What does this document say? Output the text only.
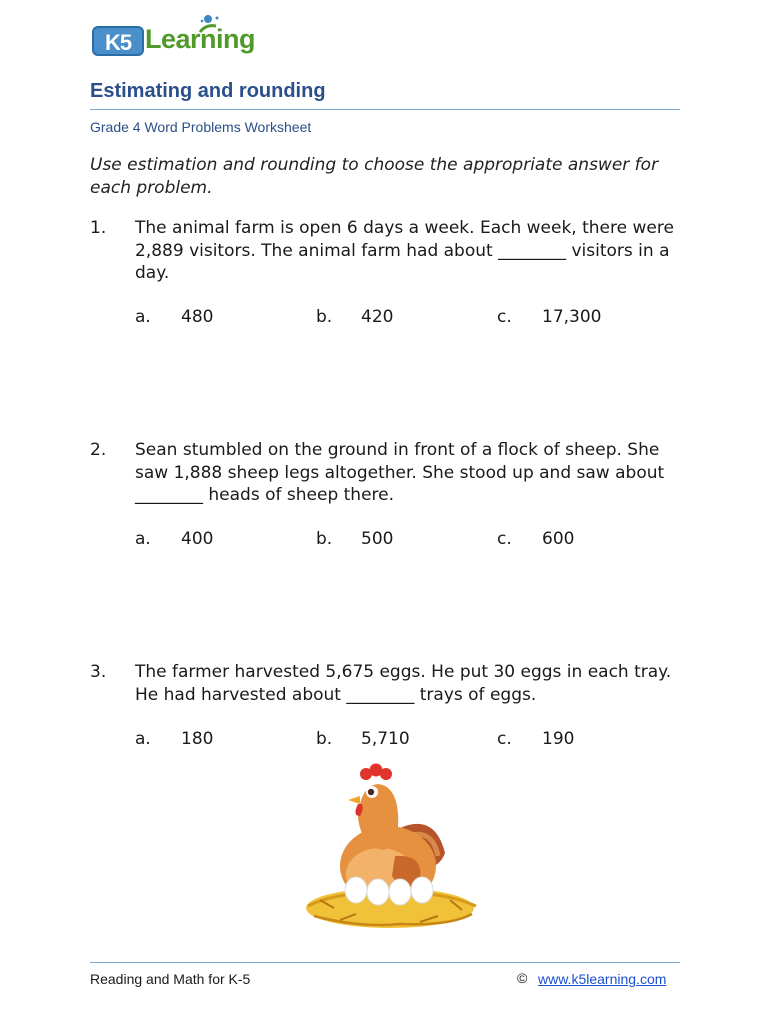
K5 Learning
Estimating and rounding
Grade 4 Word Problems Worksheet
Use estimation and rounding to choose the appropriate answer for each problem.
1. The animal farm is open 6 days a week. Each week, there were 2,889 visitors. The animal farm had about ________ visitors in a day.
a. 480	b. 420	c. 17,300
2. Sean stumbled on the ground in front of a flock of sheep. She saw 1,888 sheep legs altogether. She stood up and saw about ________ heads of sheep there.
a. 400	b. 500	c. 600
3. The farmer harvested 5,675 eggs. He put 30 eggs in each tray. He had harvested about ________ trays of eggs.
a. 180	b. 5,710	c. 190
Reading and Math for K-5	© www.k5learning.com
